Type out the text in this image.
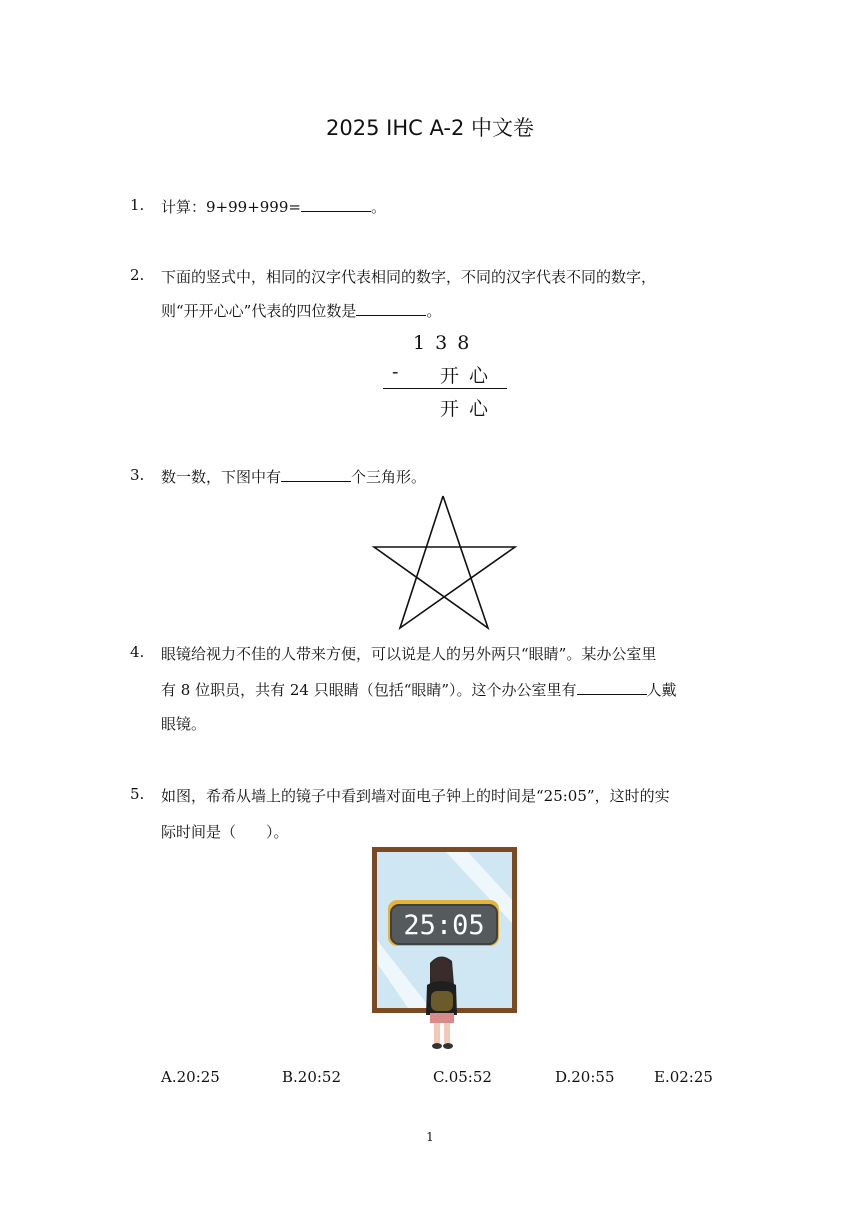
2025 IHC A-2 中文卷
1. 计算：9+99+999=	。
2. 下面的竖式中，相同的汉字代表相同的数字，不同的汉字代表不同的数字，
则“开开心心”代表的四位数是	。
1 3 8
- 开 心
开 心
3. 数一数，下图中有	个三角形。
4. 眼镜给视力不佳的人带来方便，可以说是人的另外两只“眼睛”。某办公室里
有 8 位职员，共有 24 只眼睛（包括“眼睛”）。这个办公室里有	人戴
眼镜。
5. 如图，希希从墙上的镜子中看到墙对面电子钟上的时间是“25:05”，这时的实
际时间是（　　）。
25:05
A.20:25	B.20:52	C.05:52	D.20:55	E.02:25
1
